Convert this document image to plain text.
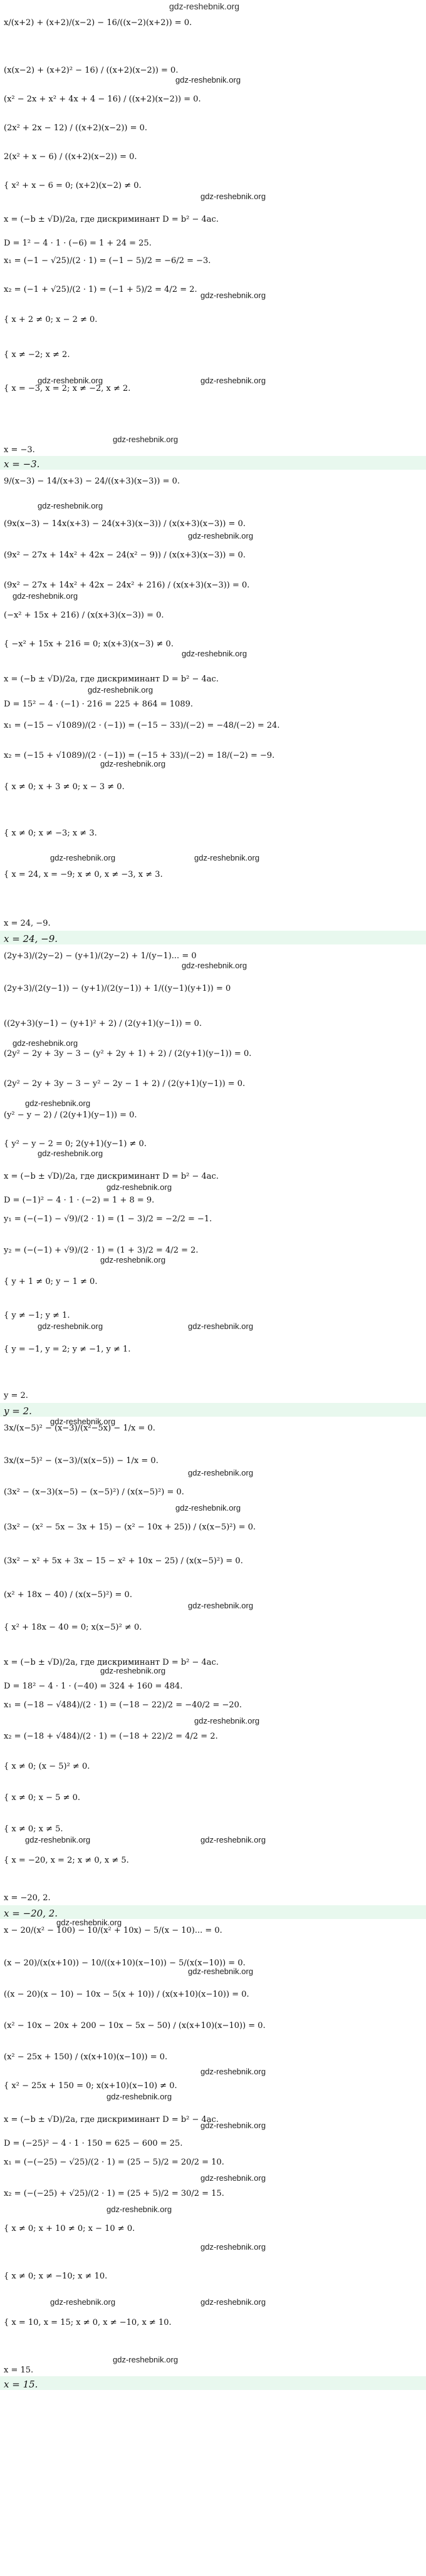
gdz-reshebnik.org
x/(x+2) + (x+2)/(x−2) − 16/((x−2)(x+2)) = 0.
(x(x−2) + (x+2)² − 16) / ((x+2)(x−2)) = 0.
(x² − 2x + x² + 4x + 4 − 16) / ((x+2)(x−2)) = 0.
(2x² + 2x − 12) / ((x+2)(x−2)) = 0.
2(x² + x − 6) / ((x+2)(x−2)) = 0.
{ x² + x − 6 = 0; (x+2)(x−2) ≠ 0.
x = (−b ± √D)/2a, где дискриминант D = b² − 4ac.
D = 1² − 4 · 1 · (−6) = 1 + 24 = 25.
x₁ = (−1 − √25)/(2 · 1) = (−1 − 5)/2 = −6/2 = −3.
x₂ = (−1 + √25)/(2 · 1) = (−1 + 5)/2 = 4/2 = 2.
{ x + 2 ≠ 0; x − 2 ≠ 0.
{ x ≠ −2; x ≠ 2.
{ x = −3, x = 2; x ≠ −2, x ≠ 2.
x = −3.
x = −3.
gdz-reshebnik.org
gdz-reshebnik.org
gdz-reshebnik.org
gdz-reshebnik.org	gdz-reshebnik.org
gdz-reshebnik.org
9/(x−3) − 14/(x+3) − 24/((x+3)(x−3)) = 0.
(9x(x−3) − 14x(x+3) − 24(x+3)(x−3)) / (x(x+3)(x−3)) = 0.
(9x² − 27x + 14x² + 42x − 24(x² − 9)) / (x(x+3)(x−3)) = 0.
(9x² − 27x + 14x² + 42x − 24x² + 216) / (x(x+3)(x−3)) = 0.
(−x² + 15x + 216) / (x(x+3)(x−3)) = 0.
{ −x² + 15x + 216 = 0; x(x+3)(x−3) ≠ 0.
x = (−b ± √D)/2a, где дискриминант D = b² − 4ac.
D = 15² − 4 · (−1) · 216 = 225 + 864 = 1089.
x₁ = (−15 − √1089)/(2 · (−1)) = (−15 − 33)/(−2) = −48/(−2) = 24.
x₂ = (−15 + √1089)/(2 · (−1)) = (−15 + 33)/(−2) = 18/(−2) = −9.
{ x ≠ 0; x + 3 ≠ 0; x − 3 ≠ 0.
{ x ≠ 0; x ≠ −3; x ≠ 3.
{ x = 24, x = −9; x ≠ 0, x ≠ −3, x ≠ 3.
x = 24, −9.
x = 24, −9.
gdz-reshebnik.org
gdz-reshebnik.org
gdz-reshebnik.org
gdz-reshebnik.org
gdz-reshebnik.org
gdz-reshebnik.org
gdz-reshebnik.org	gdz-reshebnik.org
(2y+3)/(2y−2) − (y+1)/(2y−2) + 1/(y−1)... = 0
(2y+3)/(2(y−1)) − (y+1)/(2(y−1)) + 1/((y−1)(y+1)) = 0
((2y+3)(y−1) − (y+1)² + 2) / (2(y+1)(y−1)) = 0.
(2y² − 2y + 3y − 3 − (y² + 2y + 1) + 2) / (2(y+1)(y−1)) = 0.
(2y² − 2y + 3y − 3 − y² − 2y − 1 + 2) / (2(y+1)(y−1)) = 0.
(y² − y − 2) / (2(y+1)(y−1)) = 0.
{ y² − y − 2 = 0; 2(y+1)(y−1) ≠ 0.
x = (−b ± √D)/2a, где дискриминант D = b² − 4ac.
D = (−1)² − 4 · 1 · (−2) = 1 + 8 = 9.
y₁ = (−(−1) − √9)/(2 · 1) = (1 − 3)/2 = −2/2 = −1.
y₂ = (−(−1) + √9)/(2 · 1) = (1 + 3)/2 = 4/2 = 2.
{ y + 1 ≠ 0; y − 1 ≠ 0.
{ y ≠ −1; y ≠ 1.
{ y = −1, y = 2; y ≠ −1, y ≠ 1.
y = 2.
y = 2.
gdz-reshebnik.org
gdz-reshebnik.org
gdz-reshebnik.org
gdz-reshebnik.org
gdz-reshebnik.org
gdz-reshebnik.org
gdz-reshebnik.org	gdz-reshebnik.org
3x/(x−5)² − (x−3)/(x²−5x) − 1/x = 0.
3x/(x−5)² − (x−3)/(x(x−5)) − 1/x = 0.
(3x² − (x−3)(x−5) − (x−5)²) / (x(x−5)²) = 0.
(3x² − (x² − 5x − 3x + 15) − (x² − 10x + 25)) / (x(x−5)²) = 0.
(3x² − x² + 5x + 3x − 15 − x² + 10x − 25) / (x(x−5)²) = 0.
(x² + 18x − 40) / (x(x−5)²) = 0.
{ x² + 18x − 40 = 0; x(x−5)² ≠ 0.
x = (−b ± √D)/2a, где дискриминант D = b² − 4ac.
D = 18² − 4 · 1 · (−40) = 324 + 160 = 484.
x₁ = (−18 − √484)/(2 · 1) = (−18 − 22)/2 = −40/2 = −20.
x₂ = (−18 + √484)/(2 · 1) = (−18 + 22)/2 = 4/2 = 2.
{ x ≠ 0; (x − 5)² ≠ 0.
{ x ≠ 0; x − 5 ≠ 0.
{ x ≠ 0; x ≠ 5.
{ x = −20, x = 2; x ≠ 0, x ≠ 5.
x = −20, 2.
x = −20, 2.
gdz-reshebnik.org
gdz-reshebnik.org
gdz-reshebnik.org
gdz-reshebnik.org
gdz-reshebnik.org
gdz-reshebnik.org
gdz-reshebnik.org	gdz-reshebnik.org
x − 20/(x² − 100) − 10/(x² + 10x) − 5/(x − 10)... = 0.
(x − 20)/(x(x+10)) − 10/((x+10)(x−10)) − 5/(x(x−10)) = 0.
((x − 20)(x − 10) − 10x − 5(x + 10)) / (x(x+10)(x−10)) = 0.
(x² − 10x − 20x + 200 − 10x − 5x − 50) / (x(x+10)(x−10)) = 0.
(x² − 25x + 150) / (x(x+10)(x−10)) = 0.
{ x² − 25x + 150 = 0; x(x+10)(x−10) ≠ 0.
x = (−b ± √D)/2a, где дискриминант D = b² − 4ac.
D = (−25)² − 4 · 1 · 150 = 625 − 600 = 25.
x₁ = (−(−25) − √25)/(2 · 1) = (25 − 5)/2 = 20/2 = 10.
x₂ = (−(−25) + √25)/(2 · 1) = (25 + 5)/2 = 30/2 = 15.
{ x ≠ 0; x + 10 ≠ 0; x − 10 ≠ 0.
{ x ≠ 0; x ≠ −10; x ≠ 10.
{ x = 10, x = 15; x ≠ 0, x ≠ −10, x ≠ 10.
x = 15.
x = 15.
gdz-reshebnik.org
gdz-reshebnik.org
gdz-reshebnik.org
gdz-reshebnik.org
gdz-reshebnik.org
gdz-reshebnik.org
gdz-reshebnik.org
gdz-reshebnik.org
gdz-reshebnik.org	gdz-reshebnik.org
gdz-reshebnik.org
